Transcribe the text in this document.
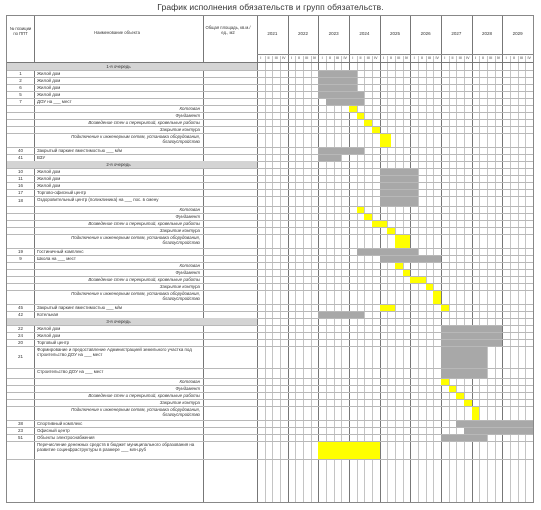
График исполнения обязательств и групп обязательств.
№ позиции по ППТ	Наименование объекта
Общая площадь, кв.м./ед., м2	2021	2022	2023	2024	2025	2026	2027	2028	2029
I	II	III	IV	I	II	III	IV	I	II	III	IV	I	II	III	IV	I	II	III	IV	I	II	III	IV	I	II	III	IV	I	II	III	IV	I	II	III	IV
1-я очередь
1	Жилой дом
2	Жилой дом
6	Жилой дом
5	Жилой дом
7	ДОУ на ___ мест
Котлован
Фундамент
Возведение стен и перекрытий, кровельные работы
Закрытие контура
Подключение к инженерным сетям, установка оборудования, благоустройство
40	Закрытый паркинг вместимостью ___ м/м
41	ВЗУ
2-я очередь
10	Жилой дом
11	Жилой дом
16	Жилой дом
17	Торгово-офисный центр
18	Оздоровительный центр (поликлиника) на ___ пос. в смену
Котлован
Фундамент
Возведение стен и перекрытий, кровельные работы
Закрытие контура
Подключение к инженерным сетям, установка оборудования, благоустройство
19	Гостиничный комплекс
9	Школа на ___ мест
Котлован
Фундамент
Возведение стен и перекрытий, кровельные работы
Закрытие контура
Подключение к инженерным сетям, установка оборудования, благоустройство
45	Закрытый паркинг вместимостью ___ м/м
42	Котельная
3-я очередь
22	Жилой дом
24	Жилой дом
20	Торговый центр
21
Формирование и предоставление Администрацией земельного участка под строительство ДОУ на ___ мест
Строительство ДОУ на ___ мест
Котлован
Фундамент
Возведение стен и перекрытий, кровельные работы
Закрытие контура
Подключение к инженерным сетям, установка оборудования, благоустройство
38	Спортивный комплекс
23	Офисный центр
51	Объекты электроснабжения
Перечисление денежных средств в бюджет муниципального образования на развитие социнфраструктуры в размере ___ млн.руб
